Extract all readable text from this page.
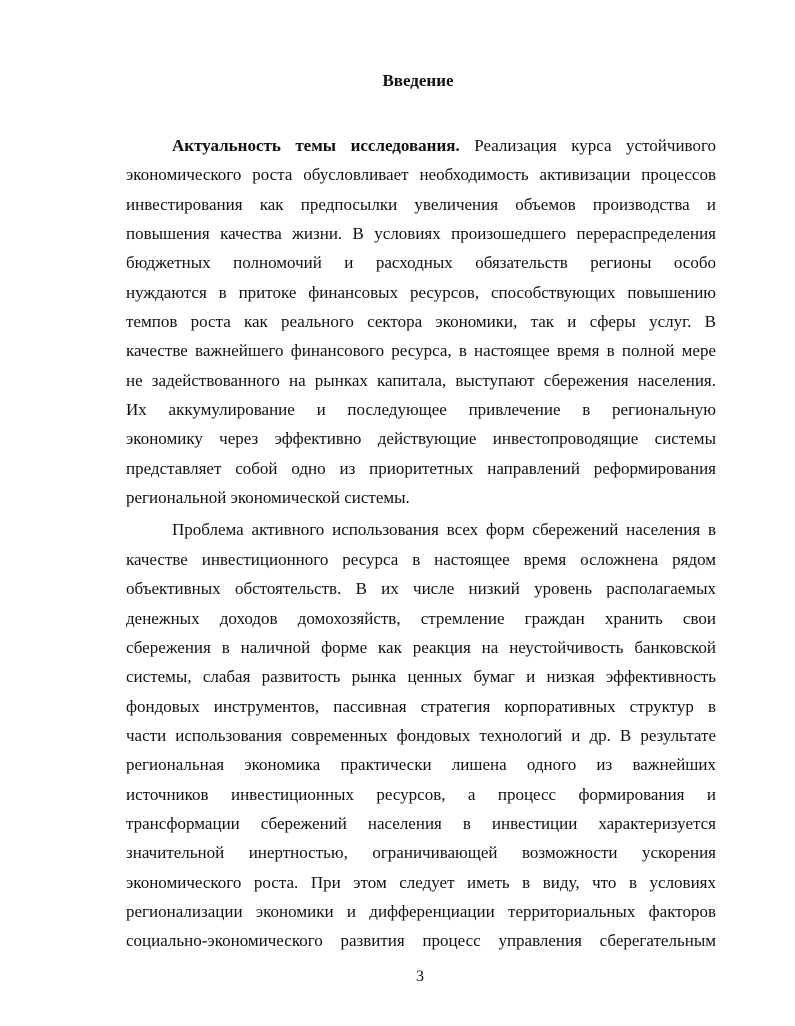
Введение
Актуальность темы исследования. Реализация курса устойчивого
экономического роста обусловливает необходимость активизации процессов
инвестирования как предпосылки увеличения объемов производства и
повышения качества жизни. В условиях произошедшего перераспределения
бюджетных полномочий и расходных обязательств регионы особо
нуждаются в притоке финансовых ресурсов, способствующих повышению
темпов роста как реального сектора экономики, так и сферы услуг. В
качестве важнейшего финансового ресурса, в настоящее время в полной мере
не задействованного на рынках капитала, выступают сбережения населения.
Их аккумулирование и последующее привлечение в региональную
экономику через эффективно действующие инвестопроводящие системы
представляет собой одно из приоритетных направлений реформирования
региональной экономической системы.
Проблема активного использования всех форм сбережений населения в
качестве инвестиционного ресурса в настоящее время осложнена рядом
объективных обстоятельств. В их числе низкий уровень располагаемых
денежных доходов домохозяйств, стремление граждан хранить свои
сбережения в наличной форме как реакция на неустойчивость банковской
системы, слабая развитость рынка ценных бумаг и низкая эффективность
фондовых инструментов, пассивная стратегия корпоративных структур в
части использования современных фондовых технологий и др. В результате
региональная экономика практически лишена одного из важнейших
источников инвестиционных ресурсов, а процесс формирования и
трансформации сбережений населения в инвестиции характеризуется
значительной инертностью, ограничивающей возможности ускорения
экономического роста. При этом следует иметь в виду, что в условиях
регионализации экономики и дифференциации территориальных факторов
социально-экономического развития процесс управления сберегательным
3
